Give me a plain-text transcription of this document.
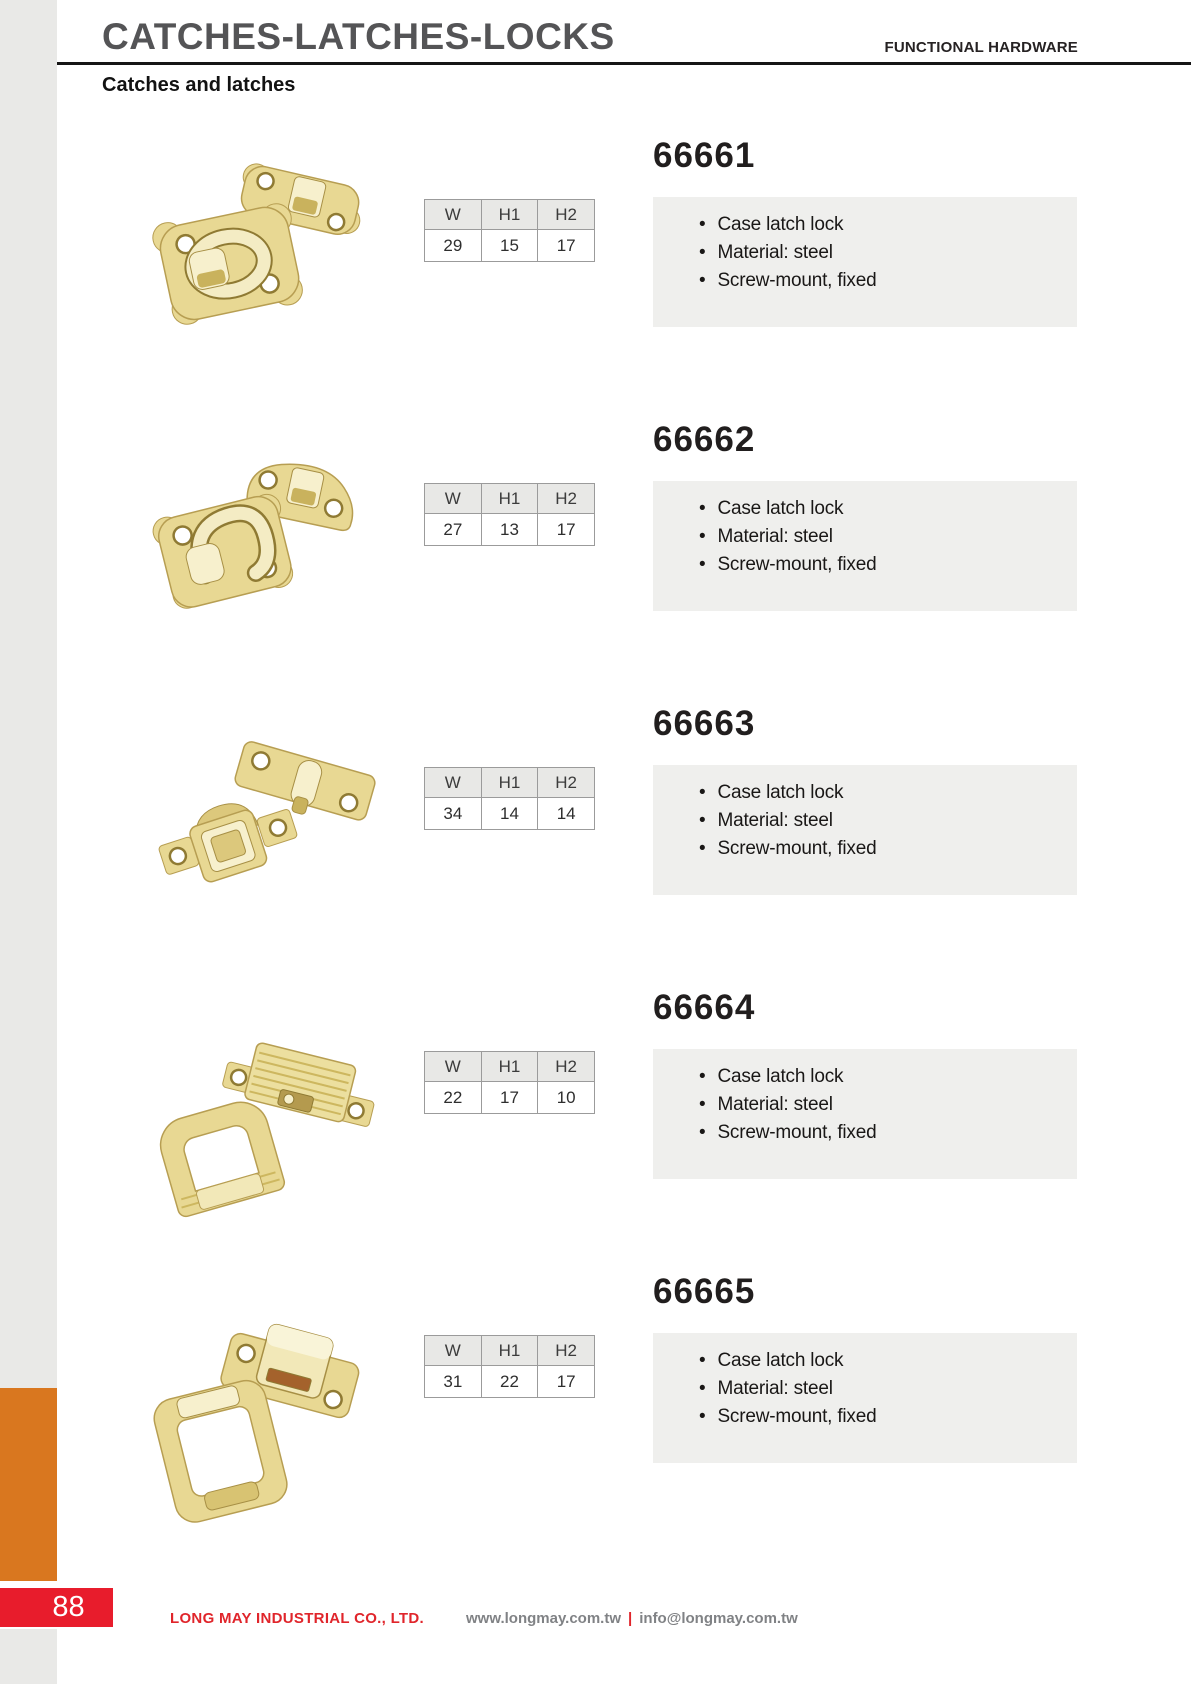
88
CATCHES-LATCHES-LOCKS	FUNCTIONAL HARDWARE
Catches and latches
66661
W	H1	H2
29	15	17
• Case latch lock
• Material: steel
• Screw-mount, fixed
66662
W	H1	H2
27	13	17
• Case latch lock
• Material: steel
• Screw-mount, fixed
66663
W	H1	H2
34	14	14
• Case latch lock
• Material: steel
• Screw-mount, fixed
66664
W	H1	H2
22	17	10
• Case latch lock
• Material: steel
• Screw-mount, fixed
66665
W	H1	H2
31	22	17
• Case latch lock
• Material: steel
• Screw-mount, fixed
LONG MAY INDUSTRIAL CO., LTD.	www.longmay.com.tw | info@longmay.com.tw
